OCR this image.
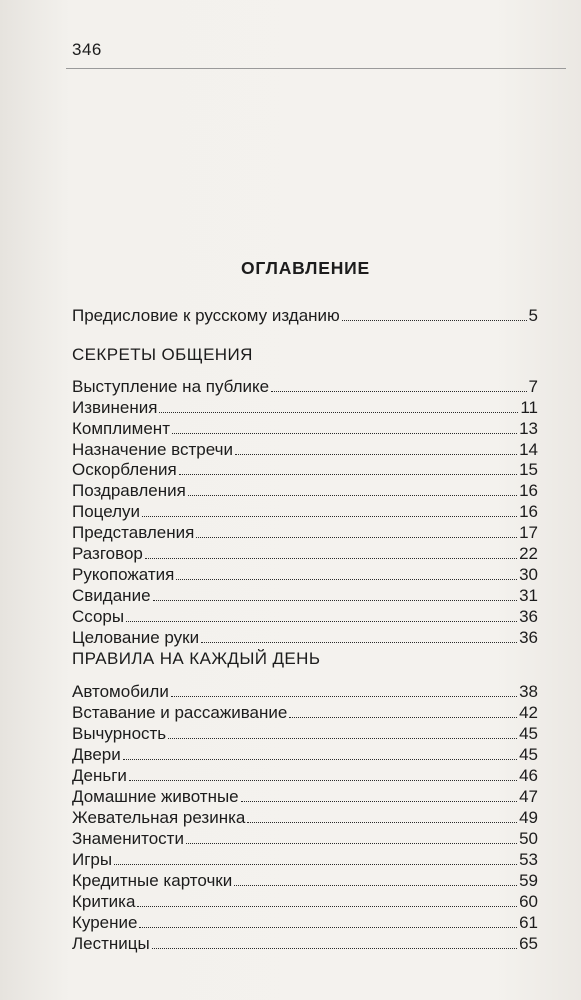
346
ОГЛАВЛЕНИЕ
Предисловие к русскому изданию	5
СЕКРЕТЫ ОБЩЕНИЯ
Выступление на публике	7
Извинения	11
Комплимент	13
Назначение встречи	14
Оскорбления	15
Поздравления	16
Поцелуи	16
Представления	17
Разговор	22
Рукопожатия	30
Свидание	31
Ссоры	36
Целование руки	36
ПРАВИЛА НА КАЖДЫЙ ДЕНЬ
Автомобили	38
Вставание и рассаживание	42
Вычурность	45
Двери	45
Деньги	46
Домашние животные	47
Жевательная резинка	49
Знаменитости	50
Игры	53
Кредитные карточки	59
Критика	60
Курение	61
Лестницы	65
